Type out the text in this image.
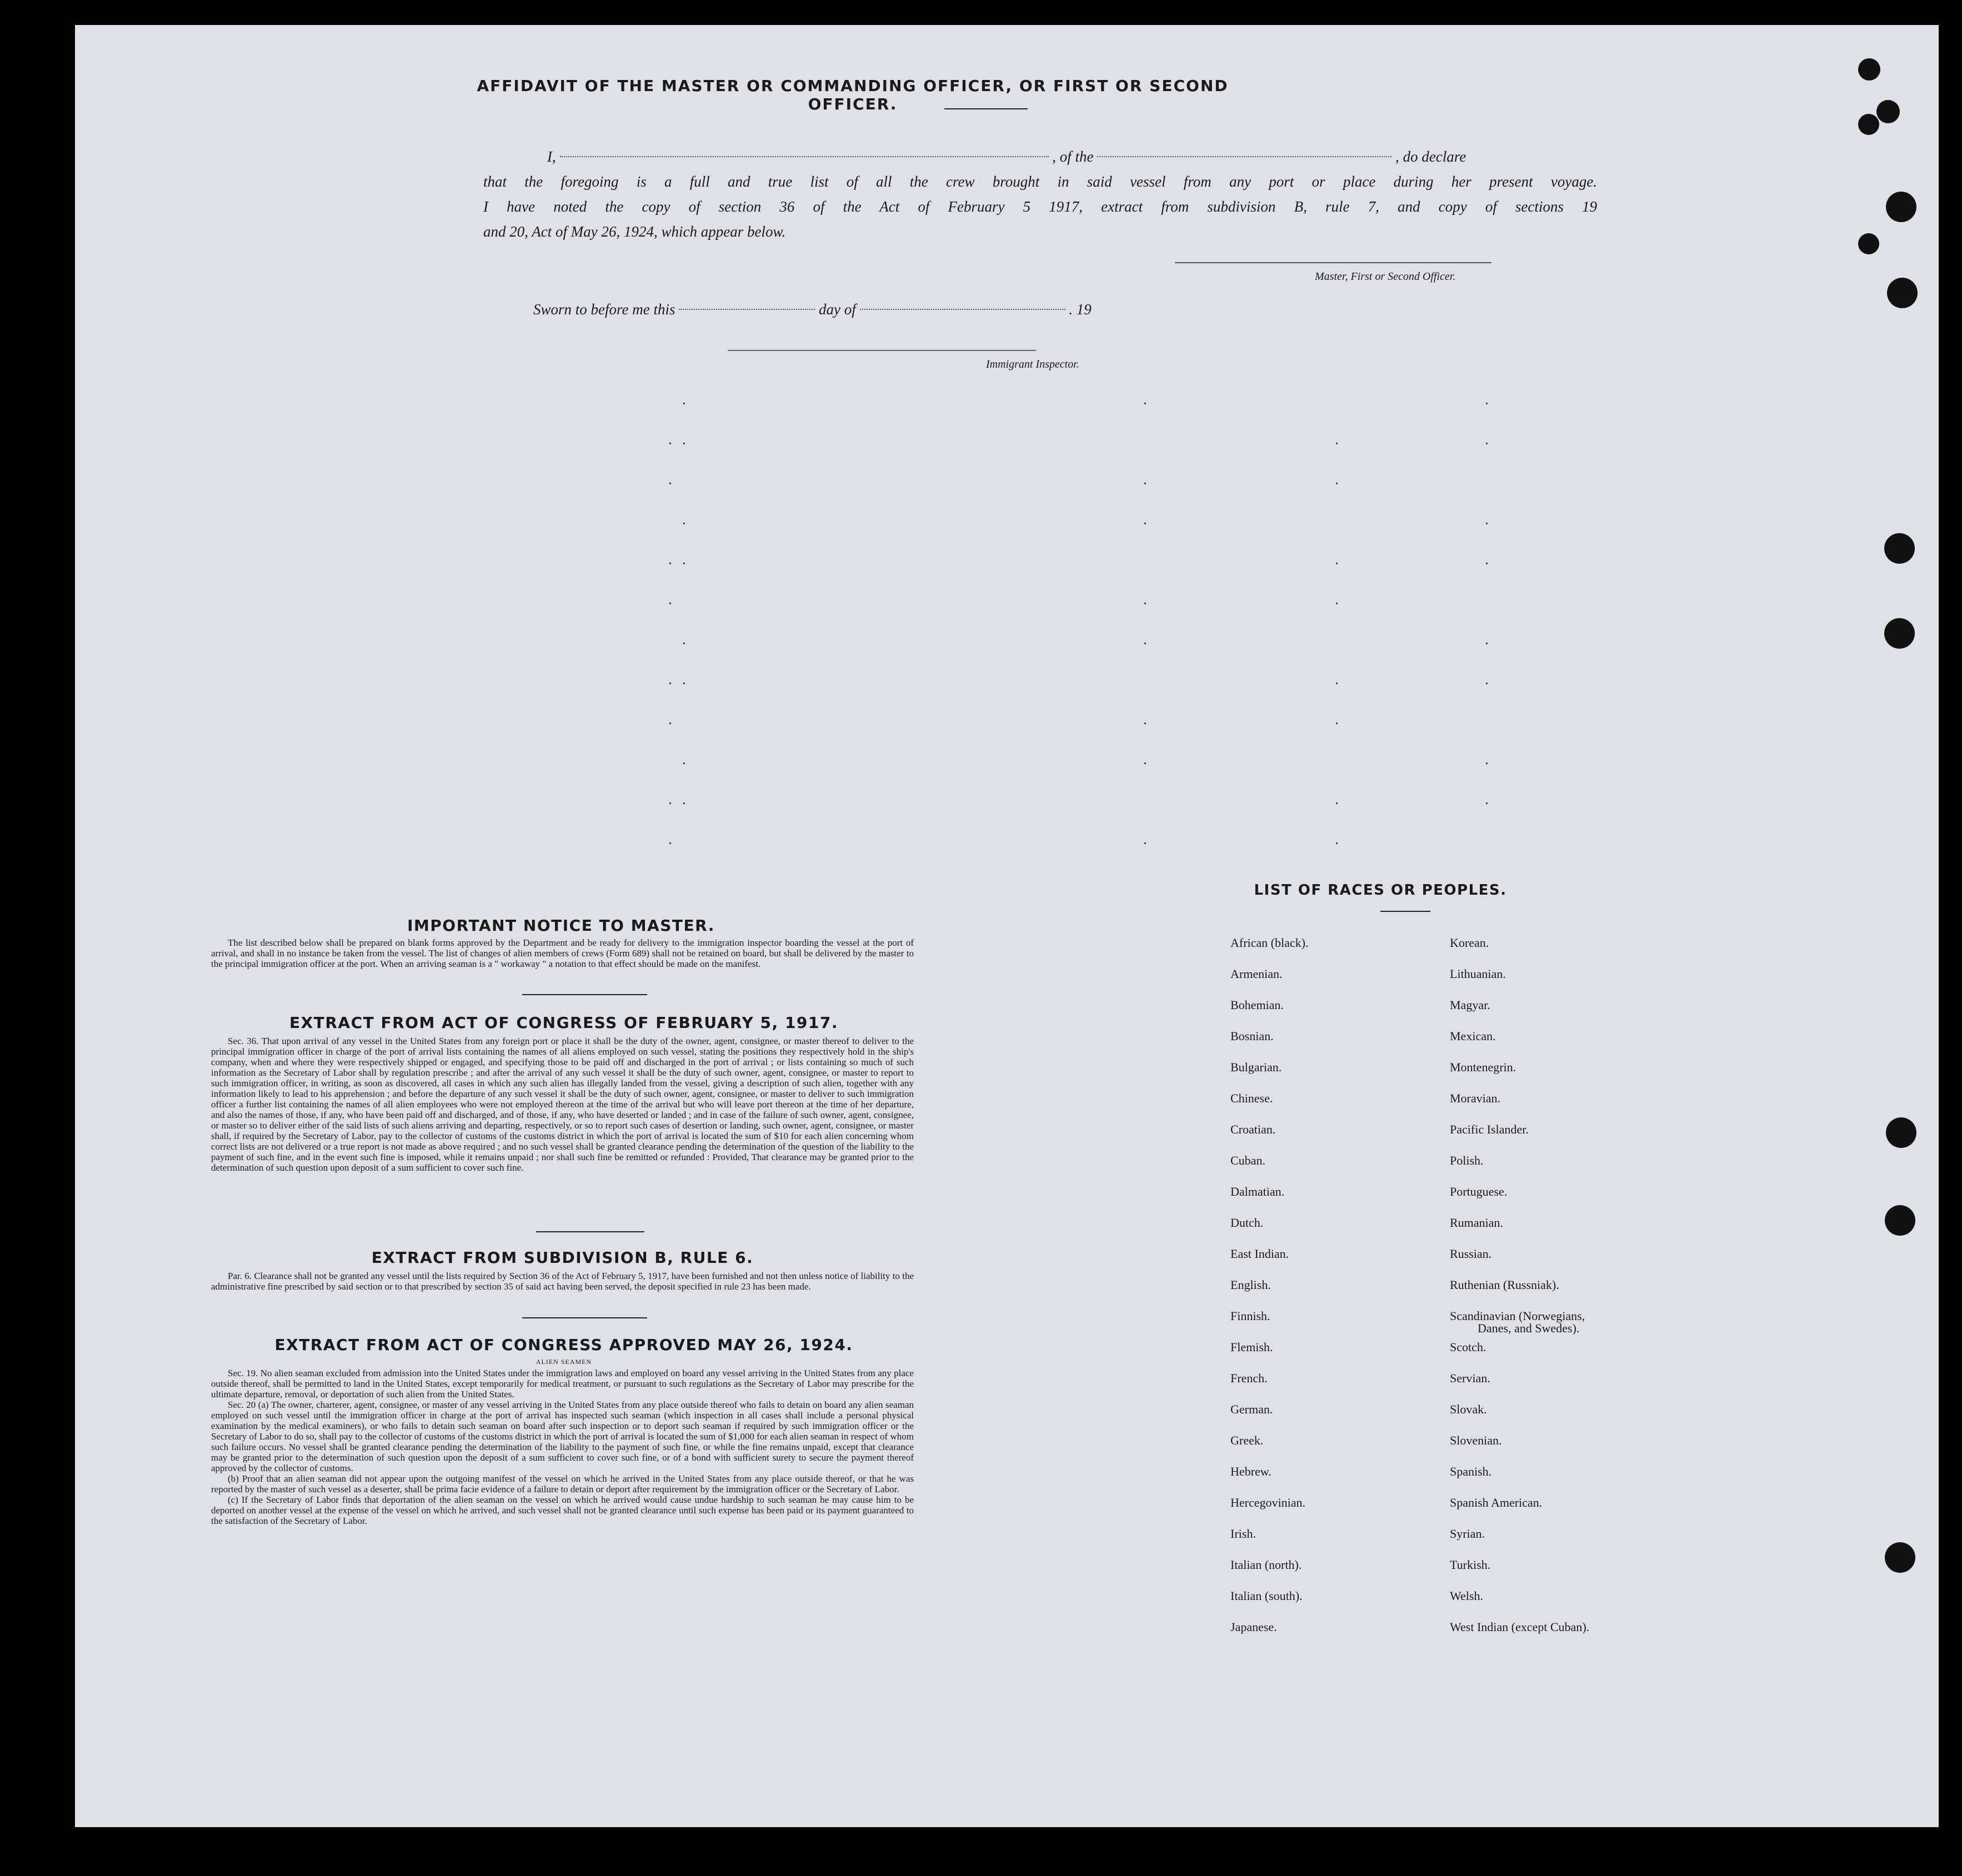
AFFIDAVIT OF THE MASTER OR COMMANDING OFFICER, OR FIRST OR SECOND OFFICER.
I,	, of the	, do declare
that the foregoing is a full and true list of all the crew brought in said vessel from any port or place during her present voyage.
I have noted the copy of section 36 of the Act of February 5 1917, extract from subdivision B, rule 7, and copy of sections 19
and 20, Act of May 26, 1924, which appear below.
Master, First or Second Officer.
Sworn to before me this	day of	. 19
Immigrant Inspector.
IMPORTANT NOTICE TO MASTER.

The list described below shall be prepared on blank forms approved by the Department and be ready for delivery to the immigration inspector boarding the vessel at the port of arrival, and shall in no instance be taken from the vessel. The list of changes of alien members of crews (Form 689) shall not be retained on board, but shall be delivered by the master to the principal immigration officer at the port. When an arriving seaman is a " workaway " a notation to that effect should be made on the manifest.

EXTRACT FROM ACT OF CONGRESS OF FEBRUARY 5, 1917.

Sec. 36. That upon arrival of any vessel in the United States from any foreign port or place it shall be the duty of the owner, agent, consignee, or master thereof to deliver to the principal immigration officer in charge of the port of arrival lists containing the names of all aliens employed on such vessel, stating the positions they respectively hold in the ship's company, when and where they were respectively shipped or engaged, and specifying those to be paid off and discharged in the port of arrival ; or lists containing so much of such information as the Secretary of Labor shall by regulation prescribe ; and after the arrival of any such vessel it shall be the duty of such owner, agent, consignee, or master to report to such immigration officer, in writing, as soon as discovered, all cases in which any such alien has illegally landed from the vessel, giving a description of such alien, together with any information likely to lead to his apprehension ; and before the departure of any such vessel it shall be the duty of such owner, agent, consignee, or master to deliver to such immigration officer a further list containing the names of all alien employees who were not employed thereon at the time of the arrival but who will leave port thereon at the time of her departure, and also the names of those, if any, who have been paid off and discharged, and of those, if any, who have deserted or landed ; and in case of the failure of such owner, agent, consignee, or master so to deliver either of the said lists of such aliens arriving and departing, respectively, or so to report such cases of desertion or landing, such owner, agent, consignee, or master shall, if required by the Secretary of Labor, pay to the collector of customs of the customs district in which the port of arrival is located the sum of $10 for each alien concerning whom correct lists are not delivered or a true report is not made as above required ; and no such vessel shall be granted clearance pending the determination of the question of the liability to the payment of such fine, and in the event such fine is imposed, while it remains unpaid ; nor shall such fine be remitted or refunded : Provided, That clearance may be granted prior to the determination of such question upon deposit of a sum sufficient to cover such fine.

EXTRACT FROM SUBDIVISION B, RULE 6.

Par. 6. Clearance shall not be granted any vessel until the lists required by Section 36 of the Act of February 5, 1917, have been furnished and not then unless notice of liability to the administrative fine prescribed by said section or to that prescribed by section 35 of said act having been served, the deposit specified in rule 23 has been made.

EXTRACT FROM ACT OF CONGRESS APPROVED MAY 26, 1924.
ALIEN SEAMEN

Sec. 19. No alien seaman excluded from admission into the United States under the immigration laws and employed on board any vessel arriving in the United States from any place outside thereof, shall be permitted to land in the United States, except temporarily for medical treatment, or pursuant to such regulations as the Secretary of Labor may prescribe for the ultimate departure, removal, or deportation of such alien from the United States.

Sec. 20 (a) The owner, charterer, agent, consignee, or master of any vessel arriving in the United States from any place outside thereof who fails to detain on board any alien seaman employed on such vessel until the immigration officer in charge at the port of arrival has inspected such seaman (which inspection in all cases shall include a personal physical examination by the medical examiners), or who fails to detain such seaman on board after such inspection or to deport such seaman if required by such immigration officer or the Secretary of Labor to do so, shall pay to the collector of customs of the customs district in which the port of arrival is located the sum of $1,000 for each alien seaman in respect of whom such failure occurs. No vessel shall be granted clearance pending the determination of the liability to the payment of such fine, or while the fine remains unpaid, except that clearance may be granted prior to the determination of such question upon the deposit of a sum sufficient to cover such fine, or of a bond with sufficient surety to secure the payment thereof approved by the collector of customs.

(b) Proof that an alien seaman did not appear upon the outgoing manifest of the vessel on which he arrived in the United States from any place outside thereof, or that he was reported by the master of such vessel as a deserter, shall be prima facie evidence of a failure to detain or deport after requirement by the immigration officer or the Secretary of Labor.

(c) If the Secretary of Labor finds that deportation of the alien seaman on the vessel on which he arrived would cause undue hardship to such seaman he may cause him to be deported on another vessel at the expense of the vessel on which he arrived, and such vessel shall not be granted clearance until such expense has been paid or its payment guaranteed to the satisfaction of the Secretary of Labor.

LIST OF RACES OR PEOPLES.
African (black).
Armenian.
Bohemian.
Bosnian.
Bulgarian.
Chinese.
Croatian.
Cuban.
Dalmatian.
Dutch.
East Indian.
English.
Finnish.
Flemish.
French.
German.
Greek.
Hebrew.
Hercegovinian.
Irish.
Italian (north).
Italian (south).
Japanese.
Korean.
Lithuanian.
Magyar.
Mexican.
Montenegrin.
Moravian.
Pacific Islander.
Polish.
Portuguese.
Rumanian.
Russian.
Ruthenian (Russniak).
Scandinavian (Norwegians,
Danes, and Swedes).
Scotch.
Servian.
Slovak.
Slovenian.
Spanish.
Spanish American.
Syrian.
Turkish.
Welsh.
West Indian (except Cuban).
